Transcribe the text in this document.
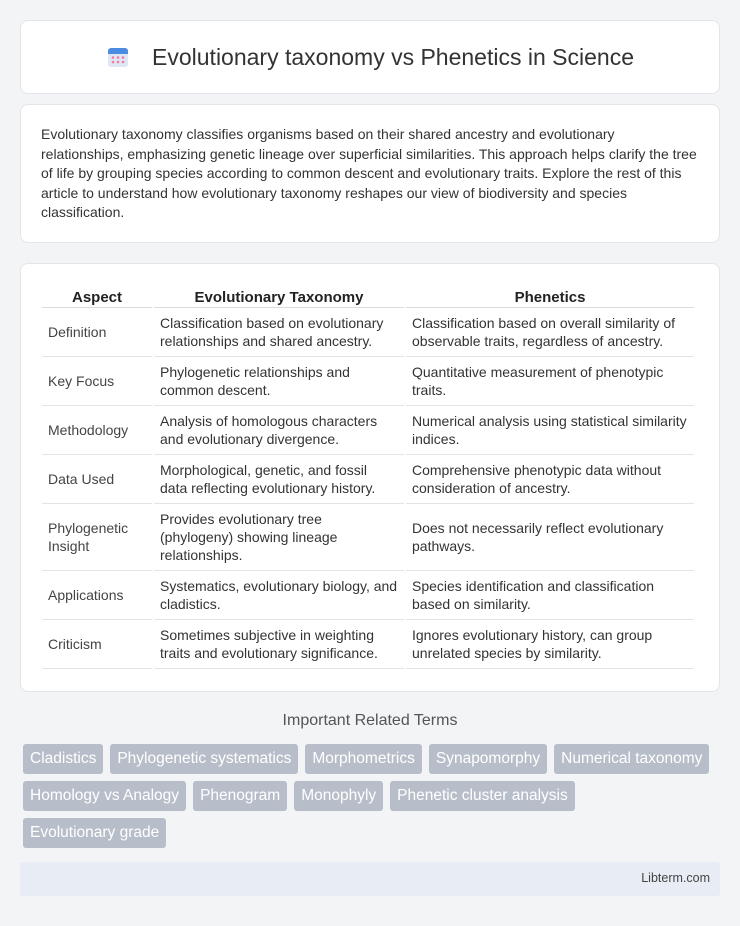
Evolutionary taxonomy vs Phenetics in Science

Evolutionary taxonomy classifies organisms based on their shared ancestry and evolutionary relationships, emphasizing genetic lineage over superficial similarities. This approach helps clarify the tree of life by grouping species according to common descent and evolutionary traits. Explore the rest of this article to understand how evolutionary taxonomy reshapes our view of biodiversity and species classification.

Aspect	Evolutionary Taxonomy	Phenetics
Definition	Classification based on evolutionary relationships and shared ancestry.	Classification based on overall similarity of observable traits, regardless of ancestry.
Key Focus	Phylogenetic relationships and common descent.	Quantitative measurement of phenotypic traits.
Methodology	Analysis of homologous characters and evolutionary divergence.	Numerical analysis using statistical similarity indices.
Data Used	Morphological, genetic, and fossil data reflecting evolutionary history.	Comprehensive phenotypic data without consideration of ancestry.
Phylogenetic Insight	Provides evolutionary tree (phylogeny) showing lineage relationships.	Does not necessarily reflect evolutionary pathways.
Applications	Systematics, evolutionary biology, and cladistics.	Species identification and classification based on similarity.
Criticism	Sometimes subjective in weighting traits and evolutionary significance.	Ignores evolutionary history, can group unrelated species by similarity.
Important Related Terms
Cladistics	Phylogenetic systematics	Morphometrics	Synapomorphy	Numerical taxonomy
Homology vs Analogy	Phenogram	Monophyly	Phenetic cluster analysis
Evolutionary grade
Libterm.com
